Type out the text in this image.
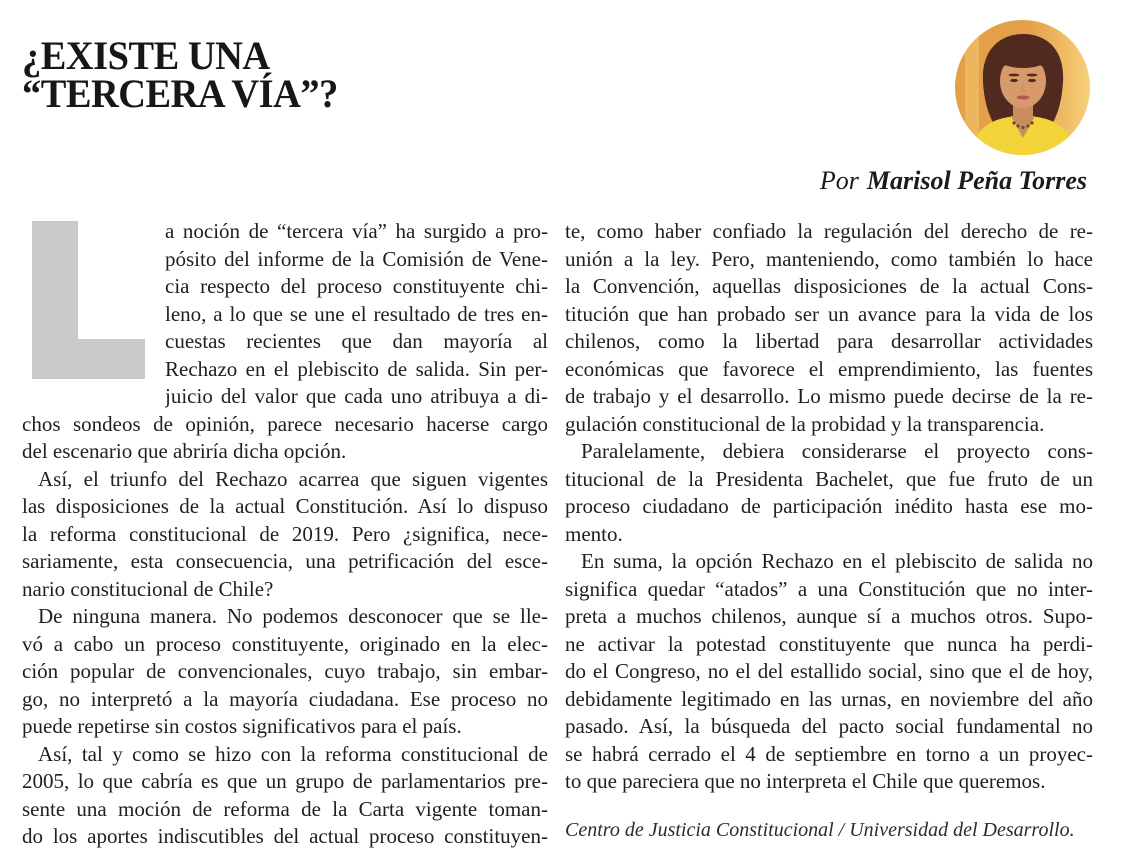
¿EXISTE UNA
“TERCERA VÍA”?
Por Marisol Peña Torres
a noción de “tercera vía” ha surgido a pro-
pósito del informe de la Comisión de Vene-
cia respecto del proceso constituyente chi-
leno, a lo que se une el resultado de tres en-
cuestas recientes que dan mayoría al
Rechazo en el plebiscito de salida. Sin per-
juicio del valor que cada uno atribuya a di-
chos sondeos de opinión, parece necesario hacerse cargo
del escenario que abriría dicha opción.
Así, el triunfo del Rechazo acarrea que siguen vigentes
las disposiciones de la actual Constitución. Así lo dispuso
la reforma constitucional de 2019. Pero ¿significa, nece-
sariamente, esta consecuencia, una petrificación del esce-
nario constitucional de Chile?
De ninguna manera. No podemos desconocer que se lle-
vó a cabo un proceso constituyente, originado en la elec-
ción popular de convencionales, cuyo trabajo, sin embar-
go, no interpretó a la mayoría ciudadana. Ese proceso no
puede repetirse sin costos significativos para el país.
Así, tal y como se hizo con la reforma constitucional de
2005, lo que cabría es que un grupo de parlamentarios pre-
sente una moción de reforma de la Carta vigente toman-
do los aportes indiscutibles del actual proceso constituyen-
te, como haber confiado la regulación del derecho de re-
unión a la ley. Pero, manteniendo, como también lo hace
la Convención, aquellas disposiciones de la actual Cons-
titución que han probado ser un avance para la vida de los
chilenos, como la libertad para desarrollar actividades
económicas que favorece el emprendimiento, las fuentes
de trabajo y el desarrollo. Lo mismo puede decirse de la re-
gulación constitucional de la probidad y la transparencia.
Paralelamente, debiera considerarse el proyecto cons-
titucional de la Presidenta Bachelet, que fue fruto de un
proceso ciudadano de participación inédito hasta ese mo-
mento.
En suma, la opción Rechazo en el plebiscito de salida no
significa quedar “atados” a una Constitución que no inter-
preta a muchos chilenos, aunque sí a muchos otros. Supo-
ne activar la potestad constituyente que nunca ha perdi-
do el Congreso, no el del estallido social, sino que el de hoy,
debidamente legitimado en las urnas, en noviembre del año
pasado. Así, la búsqueda del pacto social fundamental no
se habrá cerrado el 4 de septiembre en torno a un proyec-
to que pareciera que no interpreta el Chile que queremos.
Centro de Justicia Constitucional / Universidad del Desarrollo.
